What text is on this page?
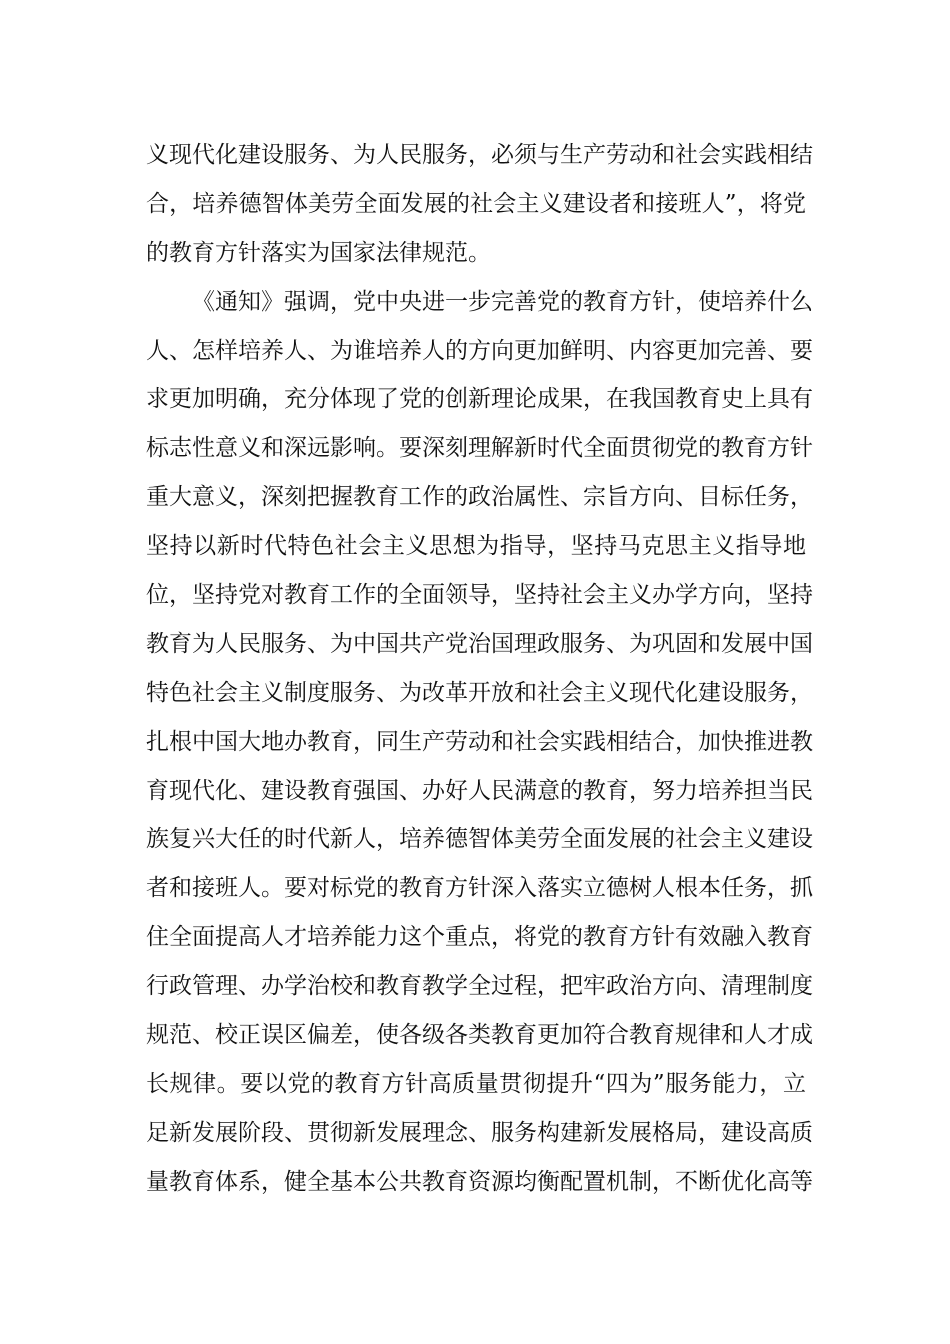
义现代化建设服务、为人民服务，必须与生产劳动和社会实践相结
合，培养德智体美劳全面发展的社会主义建设者和接班人”，将党
的教育方针落实为国家法律规范。
《通知》强调，党中央进一步完善党的教育方针，使培养什么
人、怎样培养人、为谁培养人的方向更加鲜明、内容更加完善、要
求更加明确，充分体现了党的创新理论成果，在我国教育史上具有
标志性意义和深远影响。要深刻理解新时代全面贯彻党的教育方针
重大意义，深刻把握教育工作的政治属性、宗旨方向、目标任务，
坚持以新时代特色社会主义思想为指导，坚持马克思主义指导地
位，坚持党对教育工作的全面领导，坚持社会主义办学方向，坚持
教育为人民服务、为中国共产党治国理政服务、为巩固和发展中国
特色社会主义制度服务、为改革开放和社会主义现代化建设服务，
扎根中国大地办教育，同生产劳动和社会实践相结合，加快推进教
育现代化、建设教育强国、办好人民满意的教育，努力培养担当民
族复兴大任的时代新人，培养德智体美劳全面发展的社会主义建设
者和接班人。要对标党的教育方针深入落实立德树人根本任务，抓
住全面提高人才培养能力这个重点，将党的教育方针有效融入教育
行政管理、办学治校和教育教学全过程，把牢政治方向、清理制度
规范、校正误区偏差，使各级各类教育更加符合教育规律和人才成
长规律。要以党的教育方针高质量贯彻提升“四为”服务能力，立
足新发展阶段、贯彻新发展理念、服务构建新发展格局，建设高质
量教育体系，健全基本公共教育资源均衡配置机制，不断优化高等
